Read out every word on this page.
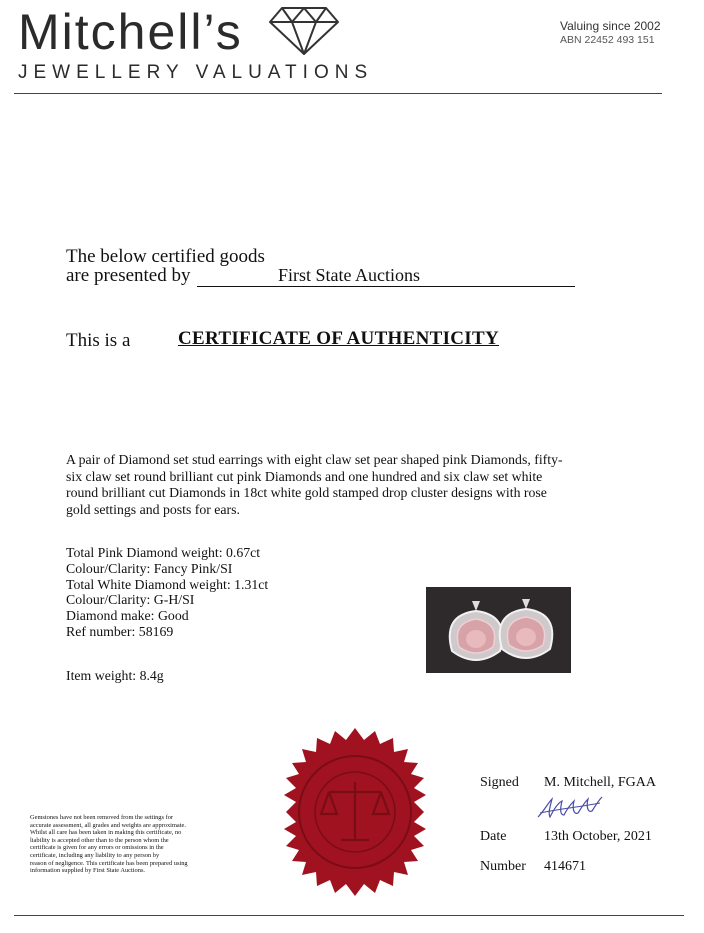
Mitchell’s
JEWELLERY VALUATIONS
Valuing since 2002
ABN 22452 493 151
The below certified goods
are presented by	First State Auctions
This is a	CERTIFICATE OF AUTHENTICITY
A pair of Diamond set stud earrings with eight claw set pear shaped pink Diamonds, fifty-six claw set round brilliant cut pink Diamonds and one hundred and six claw set white round brilliant cut Diamonds in 18ct white gold stamped drop cluster designs with rose gold settings and posts for ears.
Total Pink Diamond weight: 0.67ct
Colour/Clarity: Fancy Pink/SI
Total White Diamond weight: 1.31ct
Colour/Clarity: G-H/SI
Diamond make: Good
Ref number: 58169
Item weight: 8.4g
Gemstones have not been removed from the settings for
accurate assessment, all grades and weights are approximate.
Whilst all care has been taken in making this certificate, no
liability is accepted other than to the person whom the
certificate is given for any errors or omissions in the
certificate, including any liability to any person by
reason of negligence. This certificate has been prepared using
information supplied by First State Auctions.
Signed M. Mitchell, FGAA
Date	13th October, 2021
Number 414671
